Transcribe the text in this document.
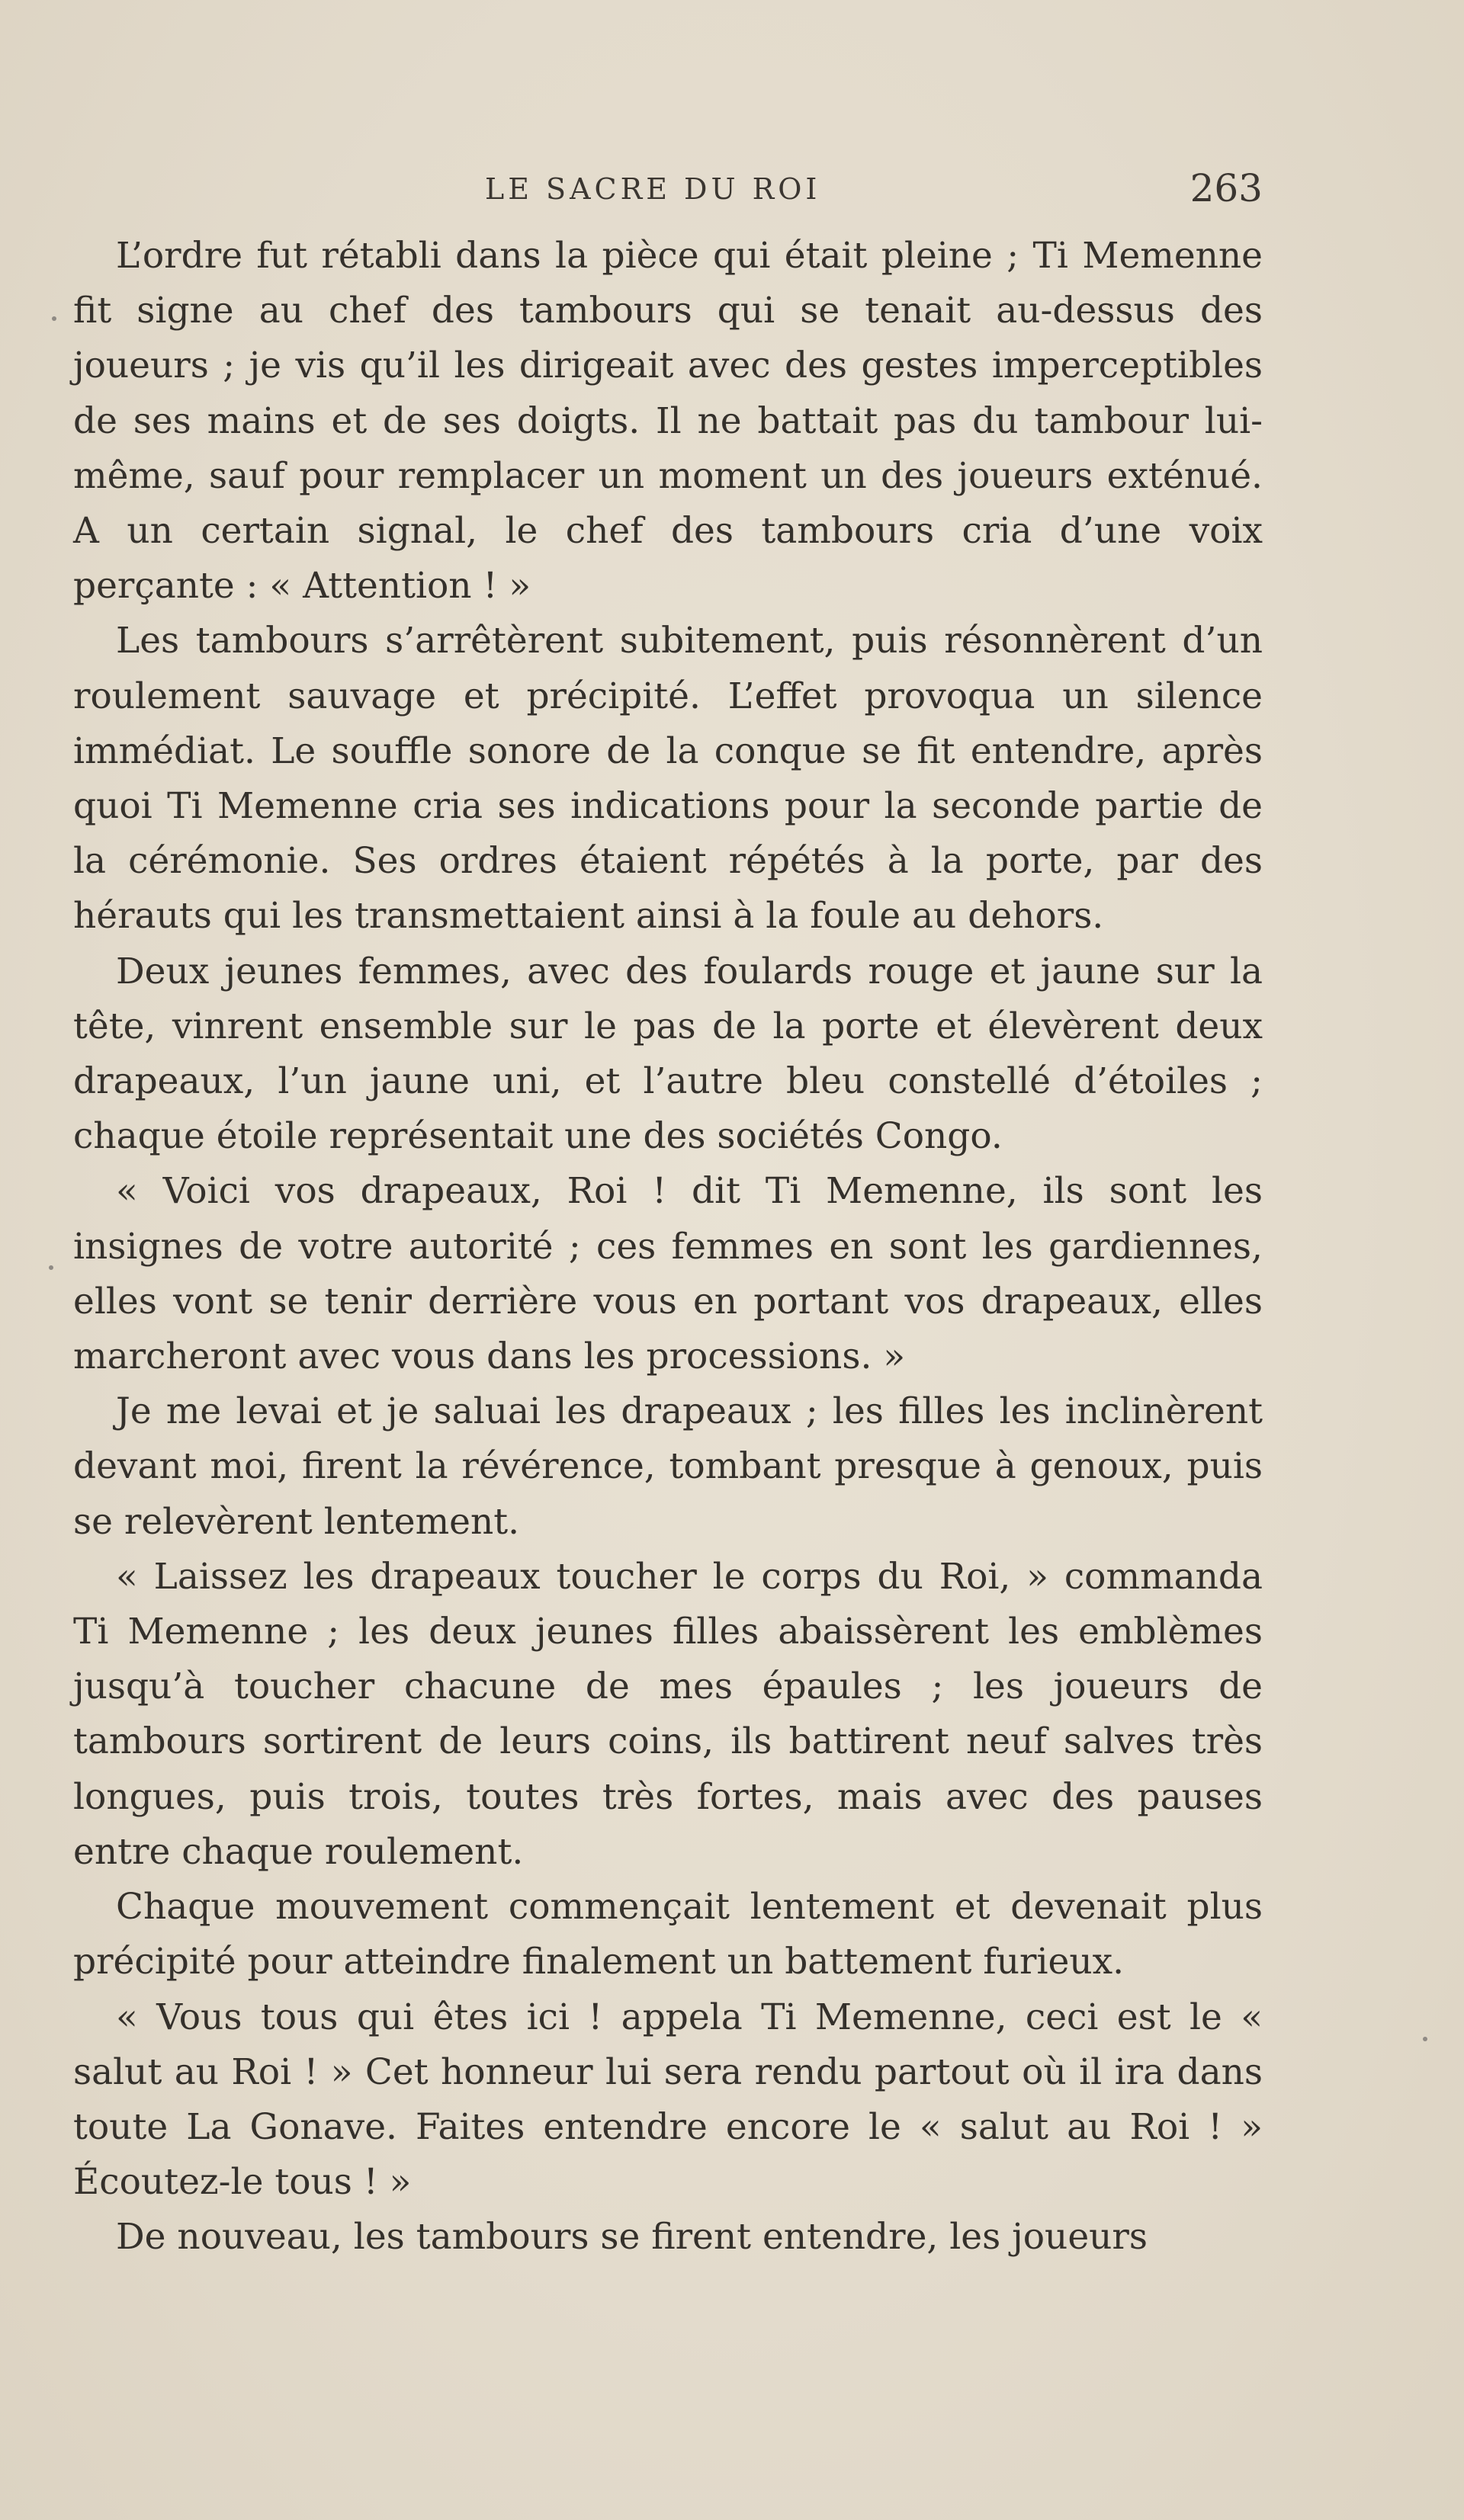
LE SACRE DU ROI	263

L’ordre fut rétabli dans la pièce qui était pleine ; Ti Memenne fit signe au chef des tambours qui se tenait au-dessus des joueurs ; je vis qu’il les dirigeait avec des gestes imperceptibles de ses mains et de ses doigts. Il ne battait pas du tambour lui-même, sauf pour remplacer un moment un des joueurs exténué. A un certain signal, le chef des tambours cria d’une voix perçante : « Attention ! »

Les tambours s’arrêtèrent subitement, puis résonnèrent d’un roulement sauvage et précipité. L’effet provoqua un silence immédiat. Le souffle sonore de la conque se fit entendre, après quoi Ti Memenne cria ses indications pour la seconde partie de la cérémonie. Ses ordres étaient répétés à la porte, par des hérauts qui les transmettaient ainsi à la foule au dehors.

Deux jeunes femmes, avec des foulards rouge et jaune sur la tête, vinrent ensemble sur le pas de la porte et élevèrent deux drapeaux, l’un jaune uni, et l’autre bleu constellé d’étoiles ; chaque étoile représentait une des sociétés Congo.

« Voici vos drapeaux, Roi ! dit Ti Memenne, ils sont les insignes de votre autorité ; ces femmes en sont les gardiennes, elles vont se tenir derrière vous en portant vos drapeaux, elles marcheront avec vous dans les processions. »

Je me levai et je saluai les drapeaux ; les filles les inclinèrent devant moi, firent la révérence, tombant presque à genoux, puis se relevèrent lentement.

« Laissez les drapeaux toucher le corps du Roi, » commanda Ti Memenne ; les deux jeunes filles abaissèrent les emblèmes jusqu’à toucher chacune de mes épaules ; les joueurs de tambours sortirent de leurs coins, ils battirent neuf salves très longues, puis trois, toutes très fortes, mais avec des pauses entre chaque roulement.

Chaque mouvement commençait lentement et devenait plus précipité pour atteindre finalement un battement furieux.

« Vous tous qui êtes ici ! appela Ti Memenne, ceci est le « salut au Roi ! » Cet honneur lui sera rendu partout où il ira dans toute La Gonave. Faites entendre encore le « salut au Roi ! » Écoutez-le tous ! »

De nouveau, les tambours se firent entendre, les joueurs
